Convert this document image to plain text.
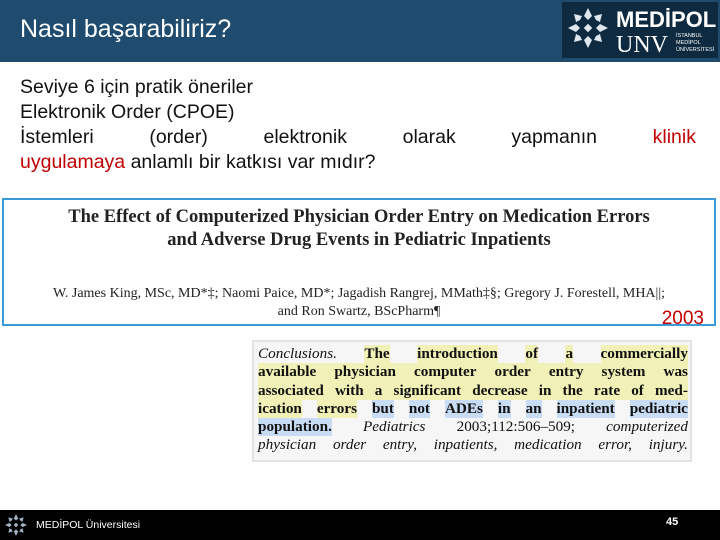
Nasıl başarabiliriz?	MEDİPOL
UNV İSTANBUL
MEDİPOL
ÜNİVERSİTESİ
Seviye 6 için pratik öneriler
Elektronik Order (CPOE)
İstemleri	(order)	elektronik	olarak	yapmanın	klinik
uygulamaya anlamlı bir katkısı var mıdır?
The Effect of Computerized Physician Order Entry on Medication Errors
and Adverse Drug Events in Pediatric Inpatients
W. James King, MSc, MD*‡; Naomi Paice, MD*; Jagadish Rangrej, MMath‡§; Gregory J. Forestell, MHA||;
and Ron Swartz, BScPharm¶	2003
Conclusions. The introduction of a commercially
available physician computer order entry system was
associated with a significant decrease in the rate of med-
ication errors but not ADEs in an inpatient pediatric
population. Pediatrics 2003;112:506–509; computerized
physician order entry, inpatients, medication error, injury.
MEDİPOL Üniversitesi	45
